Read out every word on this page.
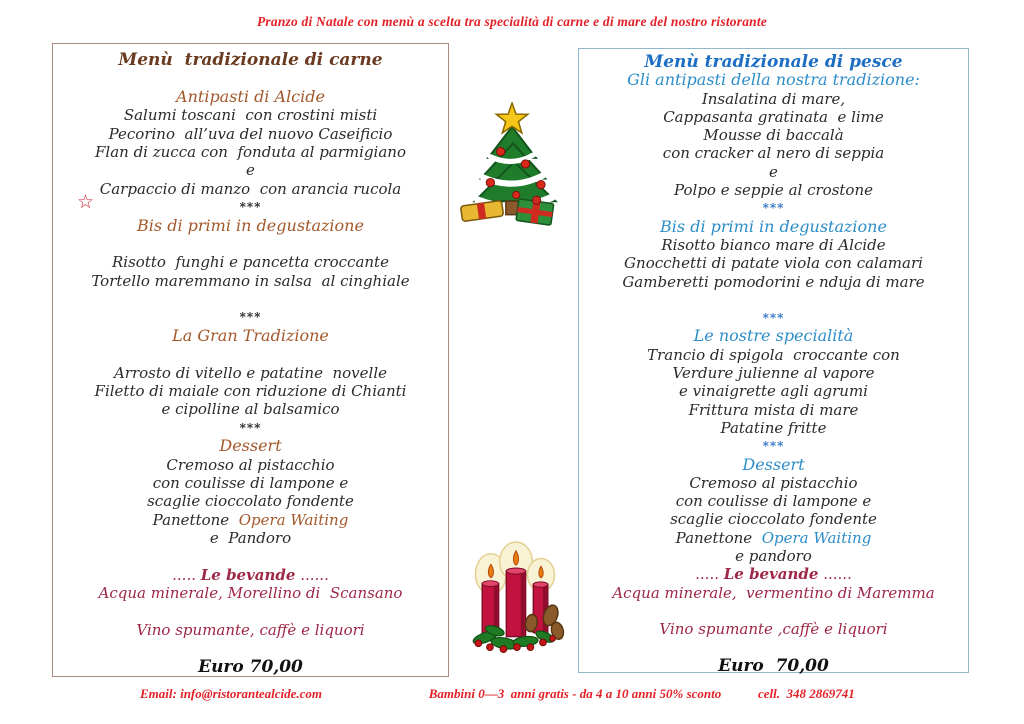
Pranzo di Natale con menù a scelta tra specialità di carne e di mare del nostro ristorante
☆
Menù  tradizionale di carne
Antipasti di Alcide
Salumi toscani  con crostini misti
Pecorino  all’uva del nuovo Caseificio
Flan di zucca con  fonduta al parmigiano
e
Carpaccio di manzo  con arancia rucola
***
Bis di primi in degustazione
Risotto  funghi e pancetta croccante
Tortello maremmano in salsa  al cinghiale
***
La Gran Tradizione
Arrosto di vitello e patatine  novelle
Filetto di maiale con riduzione di Chianti
e cipolline al balsamico
***
Dessert
Cremoso al pistacchio
con coulisse di lampone e
scaglie cioccolato fondente
Panettone  Opera Waiting
e  Pandoro
..... Le bevande ......
Acqua minerale, Morellino di  Scansano
Vino spumante, caffè e liquori
Euro 70,00
Menù tradizionale di pesce
Gli antipasti della nostra tradizione:
Insalatina di mare,
Cappasanta gratinata  e lime
Mousse di baccalà
con cracker al nero di seppia
e
Polpo e seppie al crostone
***
Bis di primi in degustazione
Risotto bianco mare di Alcide
Gnocchetti di patate viola con calamari
Gamberetti pomodorini e nduja di mare
***
Le nostre specialità
Trancio di spigola  croccante con
Verdure julienne al vapore
e vinaigrette agli agrumi
Frittura mista di mare
Patatine fritte
***
Dessert
Cremoso al pistacchio
con coulisse di lampone e
scaglie cioccolato fondente
Panettone  Opera Waiting
e pandoro
..... Le bevande ......
Acqua minerale,  vermentino di Maremma
Vino spumante ,caffè e liquori
Euro  70,00
Email: info@ristorantealcide.com	Bambini 0—3  anni gratis - da 4 a 10 anni 50% sconto	cell.  348 2869741
